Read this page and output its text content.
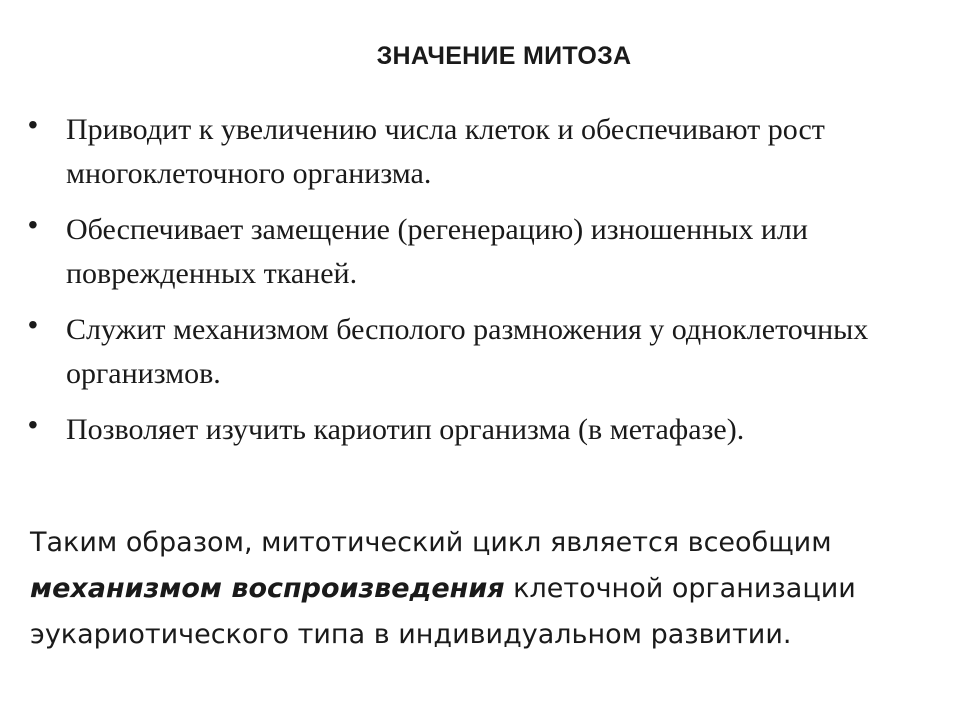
ЗНАЧЕНИЕ МИТОЗА
• Приводит к увеличению числа клеток и обеспечивают рост многоклеточного организма.
• Обеспечивает замещение (регенерацию) изношенных или поврежденных тканей.
• Служит механизмом бесполого размножения у одноклеточных организмов.
• Позволяет изучить кариотип организма (в метафазе).

Таким образом, митотический цикл является всеобщим механизмом воспроизведения клеточной организации эукариотического типа в индивидуальном развитии.
